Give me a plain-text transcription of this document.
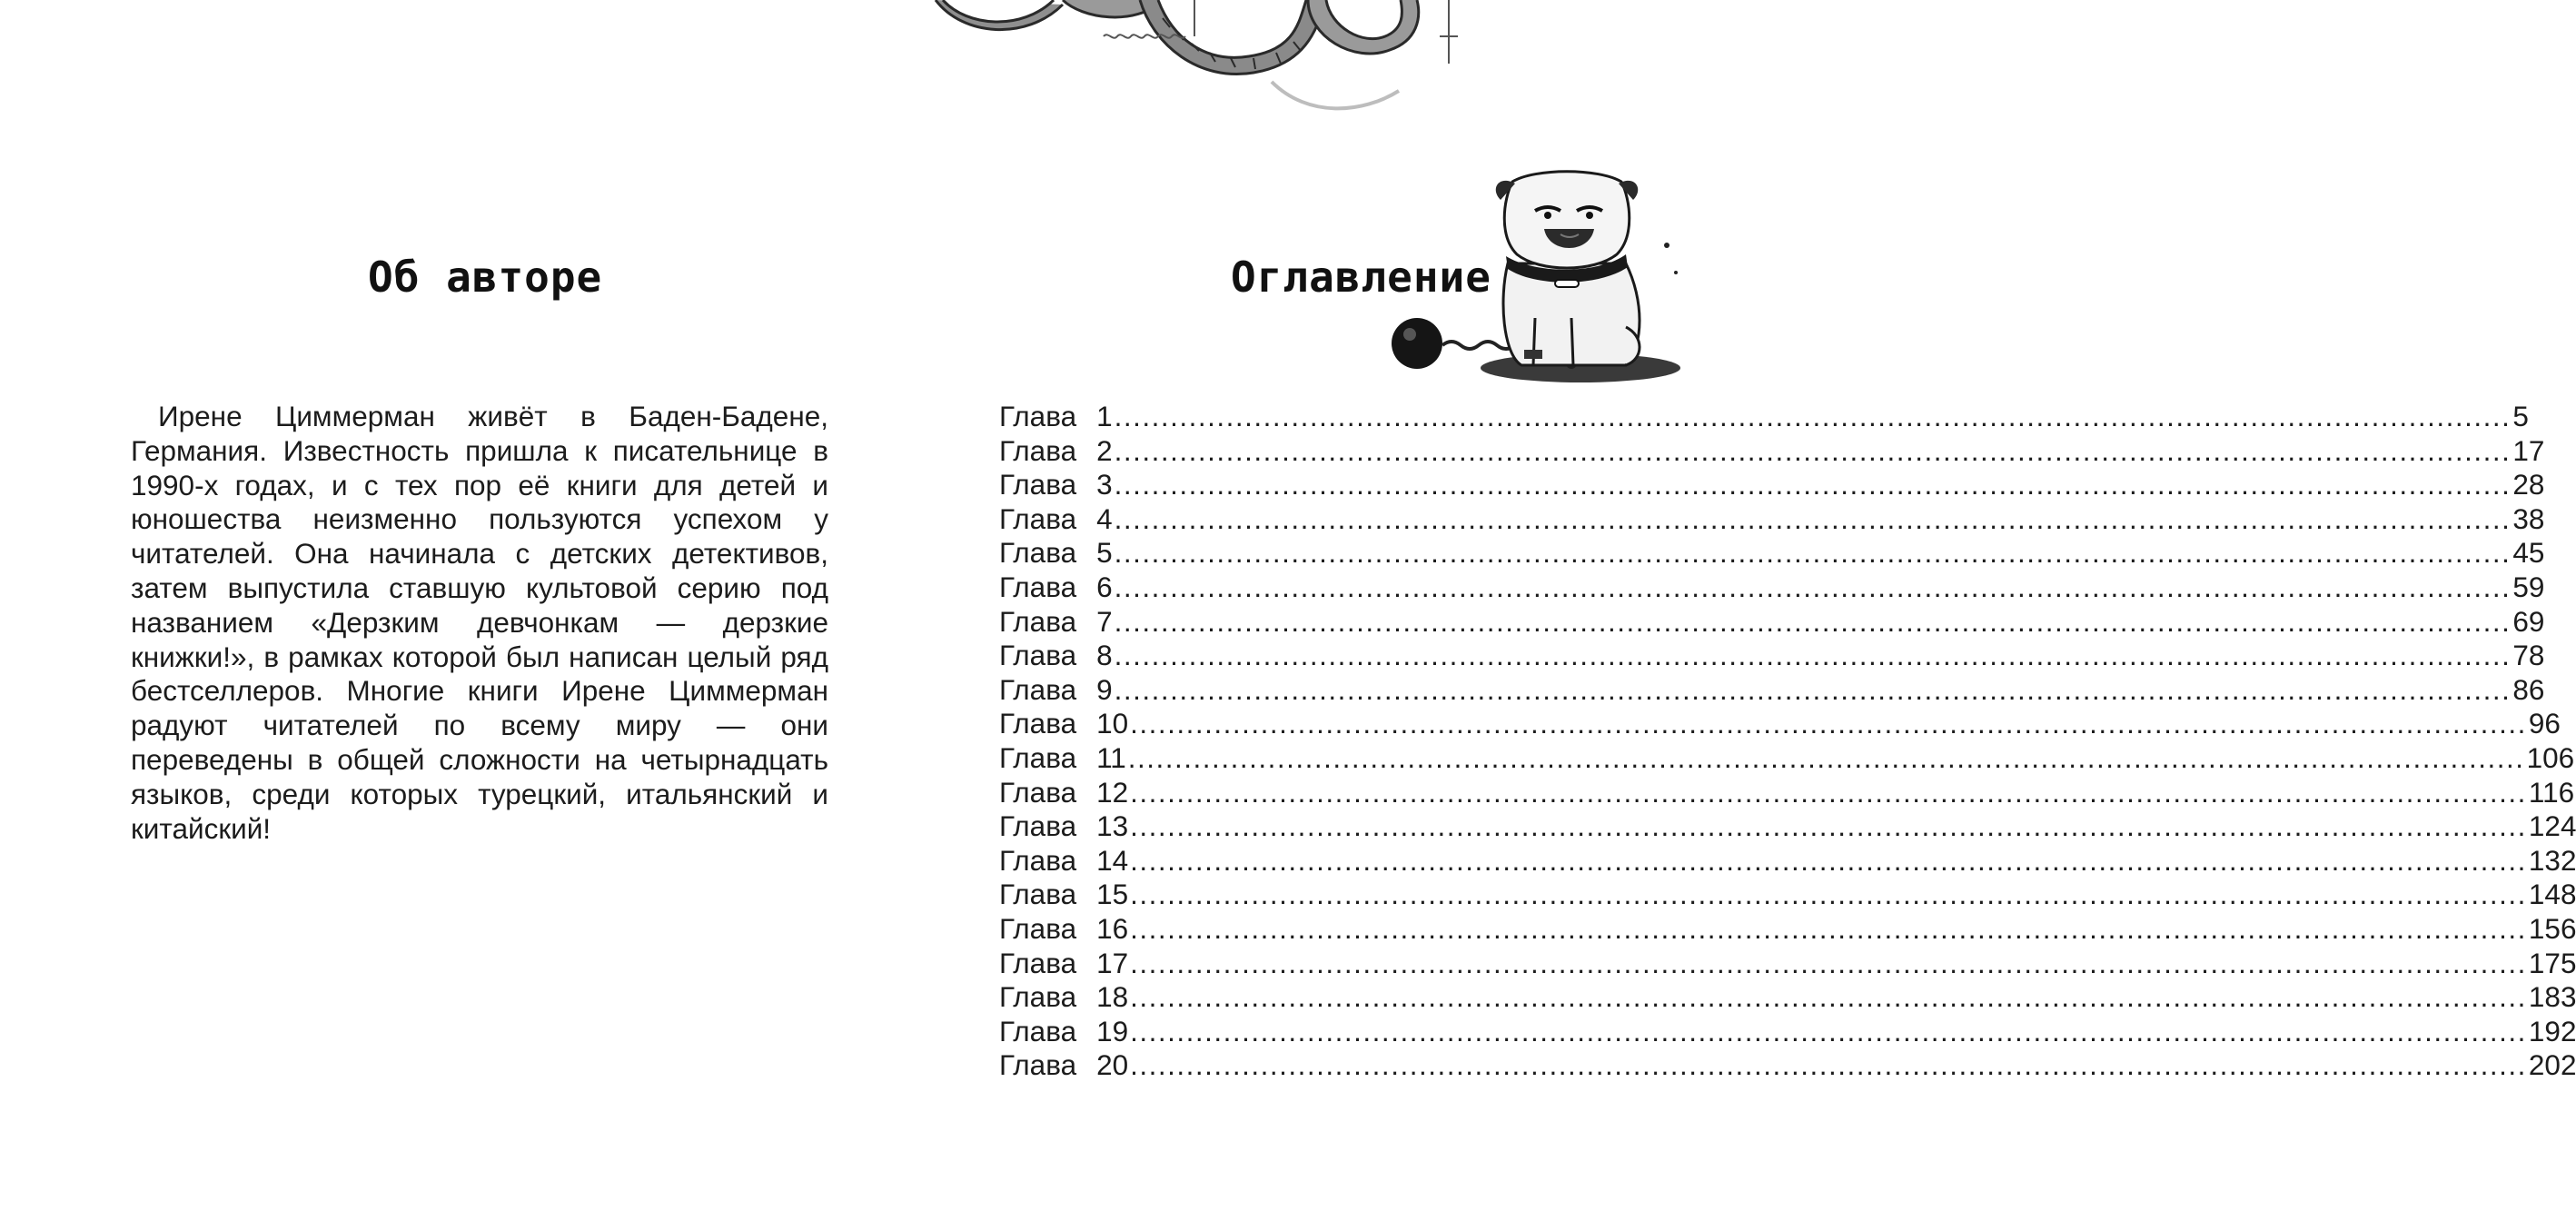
Об авторе

Ирене Циммерман живёт в Баден-Бадене, Германия. Известность пришла к писательнице в 1990-х годах, и с тех пор её книги для детей и юношества неизменно пользуются успехом у читателей. Она начинала с детских детективов, затем выпустила ставшую культовой серию под названием «Дерзким девчонкам — дерзкие книжки!», в рамках которой был написан целый ряд бестселлеров. Многие книги Ирене Циммерман радуют читателей по всему миру — они переведены в общей сложности на четырнадцать языков, среди которых турецкий, итальянский и китайский!

Оглавление
Глава 1 ...................................................................................................................................................... 5
Глава 2 ...................................................................................................................................................... 17
Глава 3 ...................................................................................................................................................... 28
Глава 4 ...................................................................................................................................................... 38
Глава 5 ...................................................................................................................................................... 45
Глава 6 ...................................................................................................................................................... 59
Глава 7 ...................................................................................................................................................... 69
Глава 8 ...................................................................................................................................................... 78
Глава 9 ...................................................................................................................................................... 86
Глава 10 ...................................................................................................................................................... 96
Глава 11 ...................................................................................................................................................... 106
Глава 12 ...................................................................................................................................................... 116
Глава 13 ...................................................................................................................................................... 124
Глава 14 ...................................................................................................................................................... 132
Глава 15 ...................................................................................................................................................... 148
Глава 16 ...................................................................................................................................................... 156
Глава 17 ...................................................................................................................................................... 175
Глава 18 ...................................................................................................................................................... 183
Глава 19 ...................................................................................................................................................... 192
Глава 20 ...................................................................................................................................................... 202
